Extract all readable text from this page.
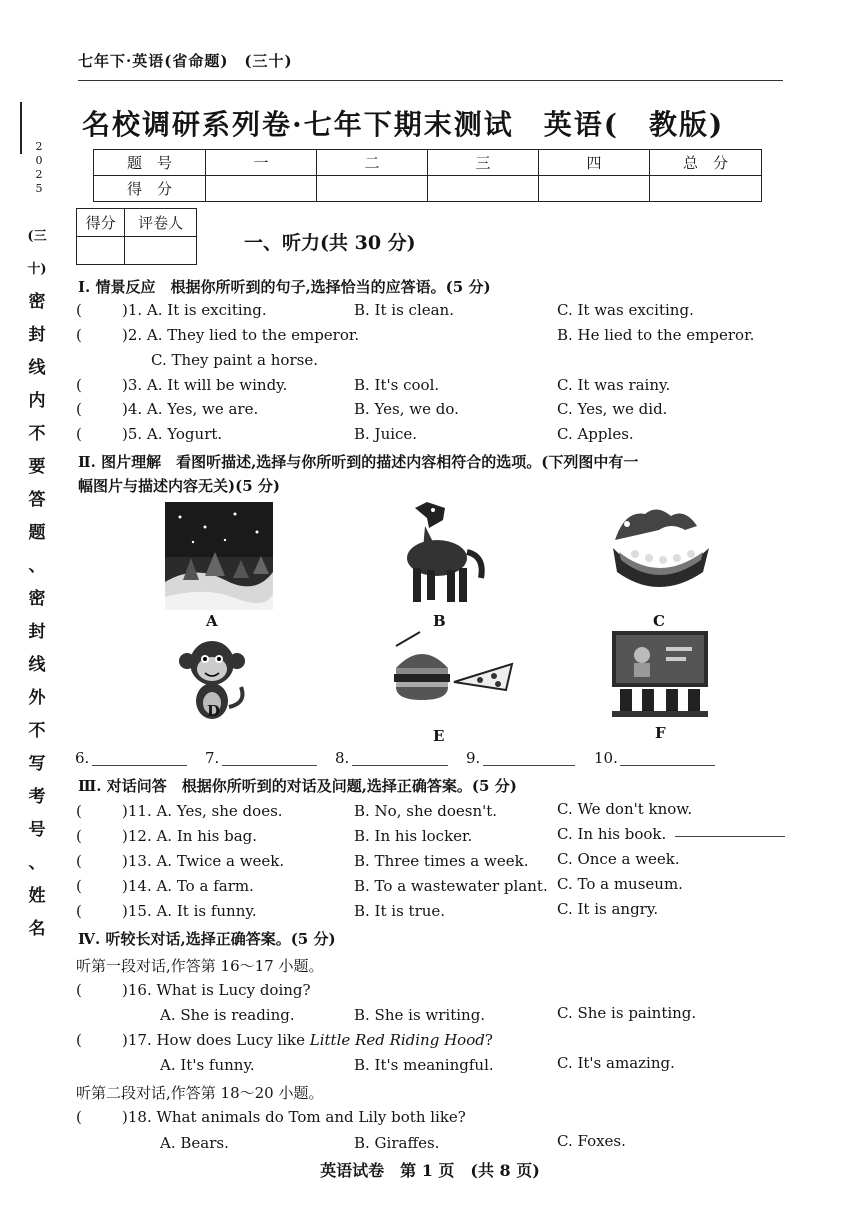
七年下·英语(省命题)　(三十)
2
0
2
5
(三十)
密
封
线
内
不
要
答
题
、
密
封
线
外
不
写
考
号
、
姓
名
名校调研系列卷·七年下期末测试　英语(　教版)
题　号	一	二	三	四	总　分
得　分					
得分	评卷人

一、听力(共 30 分)
Ⅰ. 情景反应　根据你所听到的句子,选择恰当的应答语。(5 分)
(	)1. A. It is exciting.	B. It is clean.	C. It was exciting.
(	)2. A. They lied to the emperor.	B. He lied to the emperor.
C. They paint a horse.
(	)3. A. It will be windy.	B. It's cool.	C. It was rainy.
(	)4. A. Yes, we are.	B. Yes, we do.	C. Yes, we did.
(	)5. A. Yogurt.	B. Juice.	C. Apples.
Ⅱ. 图片理解　看图听描述,选择与你所听到的描述内容相符合的选项。(下列图中有一
幅图片与描述内容无关)(5 分)
A	B	C
D
E	F
6.	7.	8.	9.	10.
Ⅲ. 对话问答　根据你所听到的对话及问题,选择正确答案。(5 分)
(	)11. A. Yes, she does.	B. No, she doesn't.	C. We don't know.
(	)12. A. In his bag.	B. In his locker.	C. In his book.
(	)13. A. Twice a week.	B. Three times a week. C. Once a week.
(	)14. A. To a farm.	B. To a wastewater plant. C. To a museum.
(	)15. A. It is funny.	B. It is true.	C. It is angry.
Ⅳ. 听较长对话,选择正确答案。(5 分)
听第一段对话,作答第 16～17 小题。
(	)16. What is Lucy doing?
A. She is reading.	B. She is writing.	C. She is painting.
(	)17. How does Lucy like Little Red Riding Hood?
A. It's funny.	B. It's meaningful.	C. It's amazing.
听第二段对话,作答第 18～20 小题。
(	)18. What animals do Tom and Lily both like?
A. Bears.	B. Giraffes.	C. Foxes.
英语试卷　第 1 页　(共 8 页)
